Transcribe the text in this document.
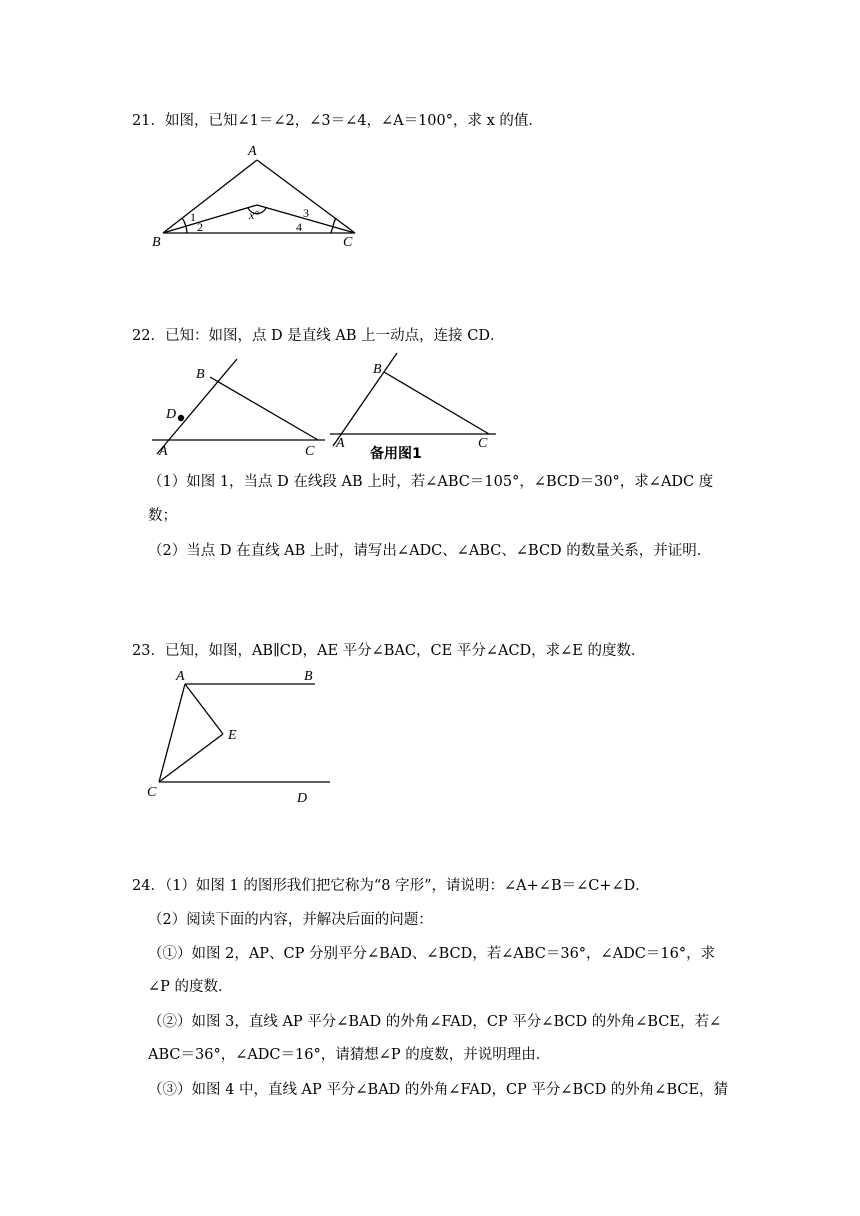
21．如图，已知∠1＝∠2，∠3＝∠4，∠A＝100°，求 x 的值．
A
B	C
x°
1
2
3
4
22．已知：如图，点 D 是直线 AB 上一动点，连接 CD．
B
D
A	C
B
A	C
备用图1
（1）如图 1，当点 D 在线段 AB 上时，若∠ABC＝105°，∠BCD＝30°，求∠ADC 度
数；
（2）当点 D 在直线 AB 上时，请写出∠ADC、∠ABC、∠BCD 的数量关系，并证明．
23．已知，如图，AB∥CD，AE 平分∠BAC，CE 平分∠ACD，求∠E 的度数．
A	B
E
C	D
24．（1）如图 1 的图形我们把它称为“8 字形”，请说明：∠A+∠B＝∠C+∠D．
（2）阅读下面的内容，并解决后面的问题：
（①）如图 2，AP、CP 分别平分∠BAD、∠BCD，若∠ABC＝36°，∠ADC＝16°，求
∠P 的度数．
（②）如图 3，直线 AP 平分∠BAD 的外角∠FAD，CP 平分∠BCD 的外角∠BCE，若∠
ABC＝36°，∠ADC＝16°，请猜想∠P 的度数，并说明理由．
（③）如图 4 中，直线 AP 平分∠BAD 的外角∠FAD，CP 平分∠BCD 的外角∠BCE，猜
